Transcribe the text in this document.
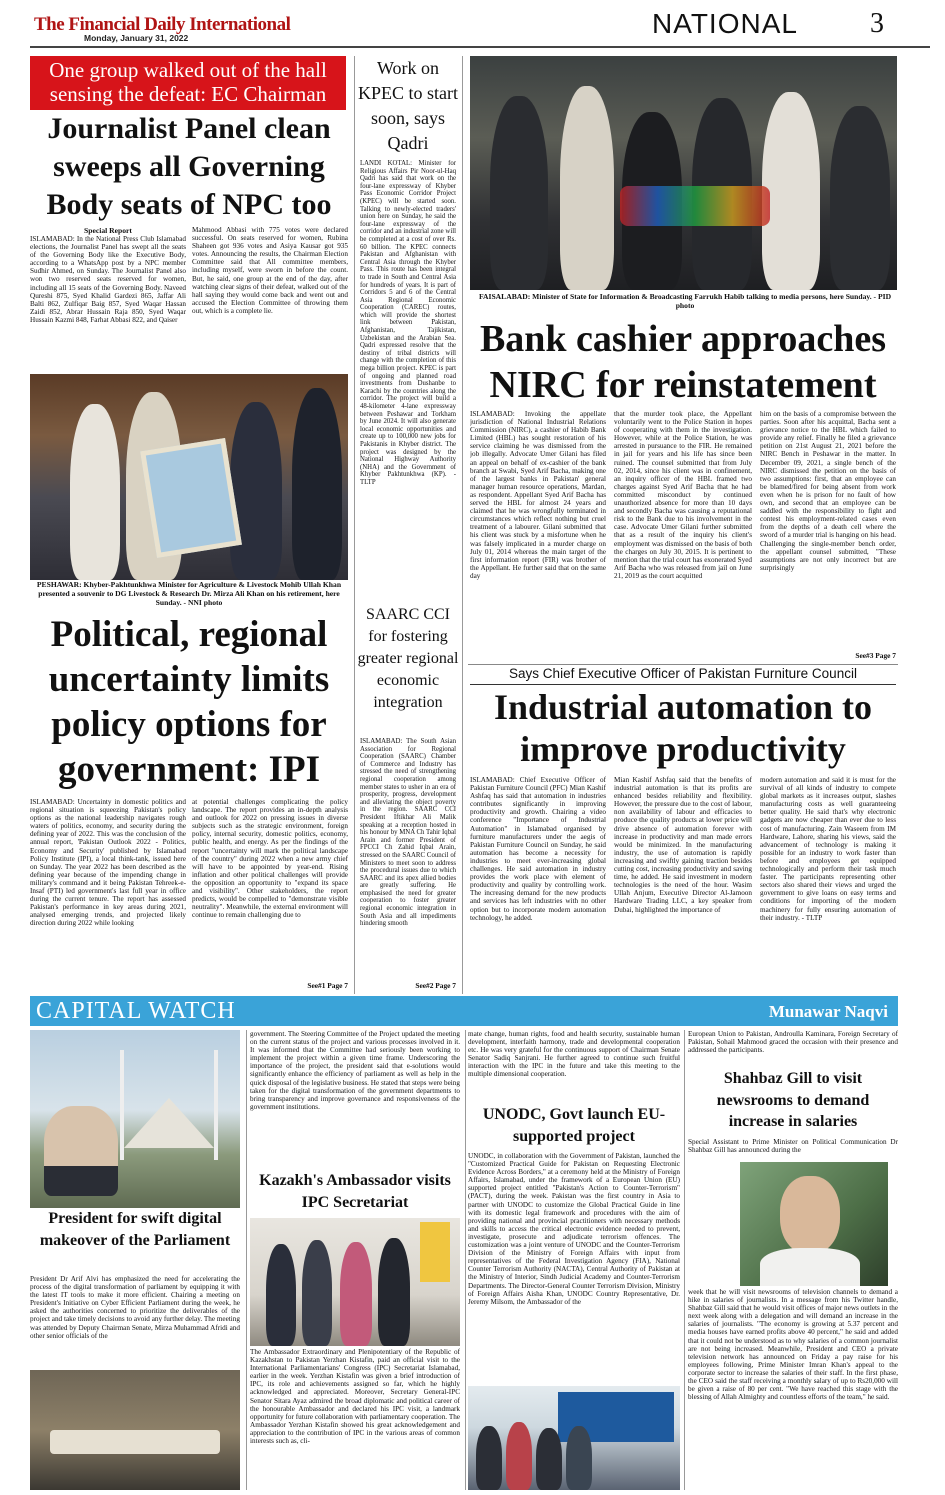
The Financial Daily International
Monday, January 31, 2022	NATIONAL	3
One group walked out of the hall sensing the defeat: EC Chairman
Journalist Panel clean sweeps all Governing Body seats of NPC too
Special Report
ISLAMABAD: In the National Press Club Islamabad elections, the Journalist Panel has swept all the seats of the Governing Body like the Executive Body, according to a WhatsApp post by a NPC member Sudhir Ahmed, on Sunday. The Journalist Panel also won two reserved seats reserved for women, including all 15 seats of the Governing Body. Naveed Qureshi 875, Syed Khalid Gardezi 865, Jaffar Ali Balti 862, Zulfiqar Baig 857, Syed Waqar Hassan Zaidi 852, Abrar Hussain Raja 850, Syed Waqar Hussain Kazmi 848, Farhat Abbasi 822, and Qaiser
Mahmood Abbasi with 775 votes were declared successful. On seats reserved for women, Rubina Shaheen got 936 votes and Asiya Kausar got 935 votes. Announcing the results, the Chairman Election Committee said that All committee members, including myself, were sworn in before the count. But, he said, one group at the end of the day, after watching clear signs of their defeat, walked out of the hall saying they would come back and went out and accused the Election Committee of throwing them out, which is a complete lie.
PESHAWAR: Khyber-Pakhtunkhwa Minister for Agriculture & Livestock Mohib Ullah Khan presented a souvenir to DG Livestock & Research Dr. Mirza Ali Khan on his retirement, here Sunday. - NNI photo
Political, regional uncertainty limits policy options for government: IPI
ISLAMABAD: Uncertainty in domestic politics and regional situation is squeezing Pakistan's policy options as the national leadership navigates rough waters of politics, economy, and security during the defining year of 2022. This was the conclusion of the annual report, 'Pakistan Outlook 2022 - Politics, Economy and Security' published by Islamabad Policy Institute (IPI), a local think-tank, issued here on Sunday. The year 2022 has been described as the defining year because of the impending change in military's command and it being Pakistan Tehreek-e-Insaf (PTI) led government's last full year in office during the current tenure. The report has assessed Pakistan's performance in key areas during 2021, analysed emerging trends, and projected likely direction during 2022 while looking
at potential challenges complicating the policy landscape. The report provides an in-depth analysis and outlook for 2022 on pressing issues in diverse subjects such as the strategic environment, foreign policy, internal security, domestic politics, economy, public health, and energy. As per the findings of the report "uncertainty will mark the political landscape of the country" during 2022 when a new army chief will have to be appointed by year-end. Rising inflation and other political challenges will provide the opposition an opportunity to "expand its space and visibility". Other stakeholders, the report predicts, would be compelled to "demonstrate visible neutrality". Meanwhile, the external environment will continue to remain challenging due to
See#1 Page 7
Work on KPEC to start soon, says Qadri
LANDI KOTAL: Minister for Religious Affairs Pir Noor-ul-Haq Qadri has said that work on the four-lane expressway of Khyber Pass Economic Corridor Project (KPEC) will be started soon. Talking to newly-elected traders' union here on Sunday, he said the four-lane expressway of the corridor and an industrial zone will be completed at a cost of over Rs. 60 billion. The KPEC connects Pakistan and Afghanistan with Central Asia through the Khyber Pass. This route has been integral to trade in South and Central Asia for hundreds of years. It is part of Corridors 5 and 6 of the Central Asia Regional Economic Cooperation (CAREC) routes, which will provide the shortest link between Pakistan, Afghanistan, Tajikistan, Uzbekistan and the Arabian Sea. Qadri expressed resolve that the destiny of tribal districts will change with the completion of this mega billion project. KPEC is part of ongoing and planned road investments from Dushanbe to Karachi by the countries along the corridor. The project will build a 48-kilometer 4-lane expressway between Peshawar and Torkham by June 2024. It will also generate local economic opportunities and create up to 100,000 new jobs for Pakistanis in Khyber district. The project was designed by the National Highway Authority (NHA) and the Government of Khyber Pakhtunkhwa (KP). - TLTP
SAARC CCI for fostering greater regional economic integration
ISLAMABAD: The South Asian Association for Regional Cooperation (SAARC) Chamber of Commerce and Industry has stressed the need of strengthening regional cooperation among member states to usher in an era of prosperity, progress, development and alleviating the object poverty in the region. SAARC CCI President Iftikhar Ali Malik speaking at a reception hosted in his honour by MNA Ch Tahir Iqbal Arain and former President of FPCCI Ch Zahid Iqbal Arain, stressed on the SAARC Council of Ministers to meet soon to address the procedural issues due to which SAARC and its apex allied bodies are greatly suffering. He emphasised the need for greater cooperation to foster greater regional economic integration in South Asia and all impediments hindering smooth
See#2 Page 7
FAISALABAD: Minister of State for Information & Broadcasting Farrukh Habib talking to media persons, here Sunday. - PID photo
Bank cashier approaches NIRC for reinstatement
ISLAMABAD: Invoking the appellate jurisdiction of National Industrial Relations Commission (NIRC), a cashier of Habib Bank Limited (HBL) has sought restoration of his service claiming he was dismissed from the job illegally. Advocate Umer Gilani has filed an appeal on behalf of ex-cashier of the bank branch at Swabi, Syed Arif Bacha, making one of the largest banks in Pakistan' general manager human resource operations, Mardan, as respondent. Appellant Syed Arif Bacha has served the HBL for almost 24 years and claimed that he was wrongfully terminated in circumstances which reflect nothing but cruel treatment of a labourer. Gilani submitted that his client was stuck by a misfortune when he was falsely implicated in a murder charge on July 01, 2014 whereas the main target of the first information report (FIR) was brother of the Appellant. He further said that on the same day
that the murder took place, the Appellant voluntarily went to the Police Station in hopes of cooperating with them in the investigation. However, while at the Police Station, he was arrested in pursuance to the FIR. He remained in jail for years and his life has since been ruined. The counsel submitted that from July 02, 2014, since his client was in confinement, an inquiry officer of the HBL framed two charges against Syed Arif Bacha that he had committed misconduct by continued unauthorized absence for more than 10 days and secondly Bacha was causing a reputational risk to the Bank due to his involvement in the case. Advocate Umer Gilani further submitted that as a result of the inquiry his client's employment was dismissed on the basis of both the charges on July 30, 2015. It is pertinent to mention that the trial court has exonerated Syed Arif Bacha who was released from jail on June 21, 2019 as the court acquitted
him on the basis of a compromise between the parties. Soon after his acquittal, Bacha sent a grievance notice to the HBL which failed to provide any relief. Finally he filed a grievance petition on 21st August 21, 2021 before the NIRC Bench in Peshawar in the matter. In December 09, 2021, a single bench of the NIRC dismissed the petition on the basis of two assumptions: first, that an employee can be blamed/fired for being absent from work even when he is prison for no fault of how own, and second that an employee can be saddled with the responsibility to fight and contest his employment-related cases even from the depths of a death cell where the sword of a murder trial is hanging on his head. Challenging the single-member bench order, the appellant counsel submitted, "These assumptions are not only incorrect but are surprisingly
See#3 Page 7
Says Chief Executive Officer of Pakistan Furniture Council
Industrial automation to improve productivity
ISLAMABAD: Chief Executive Officer of Pakistan Furniture Council (PFC) Mian Kashif Ashfaq has said that automation in industries contributes significantly in improving productivity and growth. Chairing a video conference "Importance of Industrial Automation" in Islamabad organised by furniture manufacturers under the aegis of Pakistan Furniture Council on Sunday, he said automation has become a necessity for industries to meet ever-increasing global challenges. He said automation in industry provides the work place with element of productivity and quality by controlling work. The increasing demand for the new products and services has left industries with no other option but to incorporate modern automation technology, he added.
Mian Kashif Ashfaq said that the benefits of industrial automation is that its profits are enhanced besides reliability and flexibility. However, the pressure due to the cost of labour, non availability of labour and efficacies to produce the quality products at lower price will drive absence of automation forever with increase in productivity and man made errors would be minimized. In the manufacturing industry, the use of automation is rapidly increasing and swiftly gaining traction besides cutting cost, increasing productivity and saving time, he added. He said investment in modern technologies is the need of the hour. Wasim Ullah Anjum, Executive Director Al-Jamoon Hardware Trading LLC, a key speaker from Dubai, highlighted the importance of
modern automation and said it is must for the survival of all kinds of industry to compete global markets as it increases output, slashes manufacturing costs as well guaranteeing better quality. He said that's why electronic gadgets are now cheaper than ever due to less cost of manufacturing. Zain Waseem from IM Hardware, Lahore, sharing his views, said the advancement of technology is making it possible for an industry to work faster than before and employees get equipped technologically and perform their task much faster. The participants representing other sectors also shared their views and urged the government to give loans on easy terms and conditions for importing of the modern machinery for fully ensuring automation of their industry. - TLTP
CAPITAL WATCH	Munawar Naqvi
President for swift digital makeover of the Parliament
President Dr Arif Alvi has emphasized the need for accelerating the process of the digital transformation of parliament by equipping it with the latest IT tools to make it more efficient. Chairing a meeting on President's Initiative on Cyber Efficient Parliament during the week, he asked the authorities concerned to prioritize the deliverables of the project and take timely decisions to avoid any further delay. The meeting was attended by Deputy Chairman Senate, Mirza Muhammad Afridi and other senior officials of the
government. The Steering Committee of the Project updated the meeting on the current status of the project and various processes involved in it. It was informed that the Committee had seriously been working to implement the project within a given time frame. Underscoring the importance of the project, the president said that e-solutions would significantly enhance the efficiency of parliament as well as help in the quick disposal of the legislative business. He stated that steps were being taken for the digital transformation of the government departments to bring transparency and improve governance and responsiveness of the government institutions.
Kazakh's Ambassador visits IPC Secretariat
The Ambassador Extraordinary and Plenipotentiary of the Republic of Kazakhstan to Pakistan Yerzhan Kistafin, paid an official visit to the International Parliamentarians' Congress (IPC) Secretariat Islamabad, earlier in the week. Yerzhan Kistafin was given a brief introduction of IPC, its role and achievements assigned so far, which he highly acknowledged and appreciated. Moreover, Secretary General-IPC Senator Sitara Ayaz admired the broad diplomatic and political career of the honourable Ambassador and declared his IPC visit, a landmark opportunity for future collaboration with parliamentary cooperation. The Ambassador Yerzhan Kistafin showed his great acknowledgement and appreciation to the contribution of IPC in the various areas of common interests such as, cli-
mate change, human rights, food and health security, sustainable human development, interfaith harmony, trade and developmental cooperation etc. He was very grateful for the continuous support of Chairman Senate Senator Sadiq Sanjrani. He further agreed to continue such fruitful interaction with the IPC in the future and take this meeting to the multiple dimensional cooperation.
UNODC, Govt launch EU-supported project
UNODC, in collaboration with the Government of Pakistan, launched the "Customized Practical Guide for Pakistan on Requesting Electronic Evidence Across Borders," at a ceremony held at the Ministry of Foreign Affairs, Islamabad, under the framework of a European Union (EU) supported project entitled "Pakistan's Action to Counter-Terrorism" (PACT), during the week. Pakistan was the first country in Asia to partner with UNODC to customize the Global Practical Guide in line with its domestic legal framework and procedures with the aim of providing national and provincial practitioners with necessary methods and skills to access the critical electronic evidence needed to prevent, investigate, prosecute and adjudicate terrorism offences. The customization was a joint venture of UNODC and the Counter-Terrorism Division of the Ministry of Foreign Affairs with input from representatives of the Federal Investigation Agency (FIA), National Counter Terrorism Authority (NACTA), Central Authority of Pakistan at the Ministry of Interior, Sindh Judicial Academy and Counter-Terrorism Departments. The Director-General Counter Terrorism Division, Ministry of Foreign Affairs Aisha Khan, UNODC Country Representative, Dr. Jeremy Milsom, the Ambassador of the
European Union to Pakistan, Androulla Kaminara, Foreign Secretary of Pakistan, Sohail Mahmood graced the occasion with their presence and addressed the participants.
Shahbaz Gill to visit newsrooms to demand increase in salaries
Special Assistant to Prime Minister on Political Communication Dr Shahbaz Gill has announced during the
week that he will visit newsrooms of television channels to demand a hike in salaries of journalists. In a message from his Twitter handle, Shahbaz Gill said that he would visit offices of major news outlets in the next week along with a delegation and will demand an increase in the salaries of journalists. "The economy is growing at 5.37 percent and media houses have earned profits above 40 percent," he said and added that it could not be understood as to why salaries of a common journalist are not being increased. Meanwhile, President and CEO a private television network has announced on Friday a pay raise for his employees following, Prime Minister Imran Khan's appeal to the corporate sector to increase the salaries of their staff. In the first phase, the CEO said the staff receiving a monthly salary of up to Rs20,000 will be given a raise of 80 per cent. "We have reached this stage with the blessing of Allah Almighty and countless efforts of the team," he said.
